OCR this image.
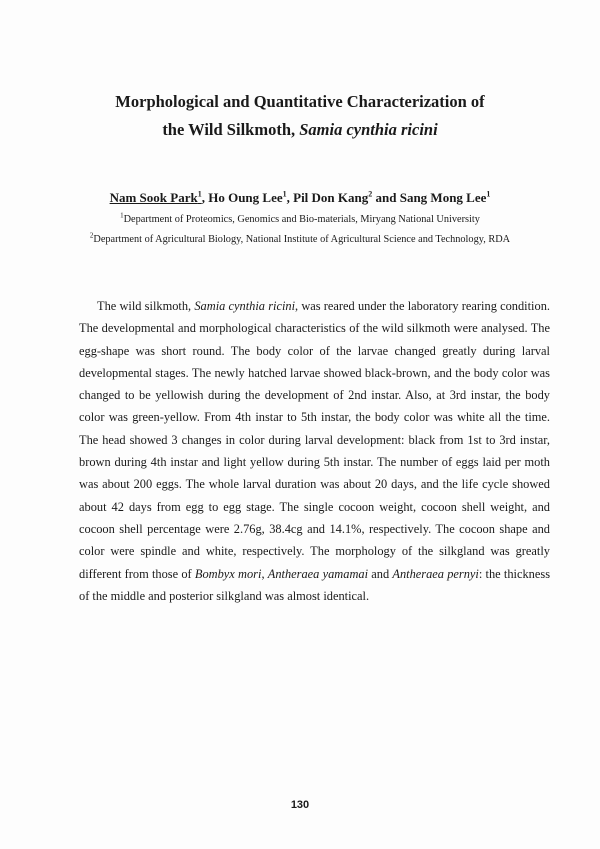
Morphological and Quantitative Characterization of
the Wild Silkmoth, Samia cynthia ricini
Nam Sook Park$^1$, Ho Oung Lee$^1$, Pil Don Kang$^2$ and Sang Mong Lee$^1$
$^1$Department of Proteomics, Genomics and Bio-materials, Miryang National University
$^2$Department of Agricultural Biology, National Institute of Agricultural Science and Technology, RDA

The wild silkmoth, Samia cynthia ricini, was reared under the laboratory rearing condition. The developmental and morphological characteristics of the wild silkmoth were analysed. The egg-shape was short round. The body color of the larvae changed greatly during larval developmental stages. The newly hatched larvae showed black-brown, and the body color was changed to be yellowish during the development of 2nd instar. Also, at 3rd instar, the body color was green-yellow. From 4th instar to 5th instar, the body color was white all the time. The head showed 3 changes in color during larval development: black from 1st to 3rd instar, brown during 4th instar and light yellow during 5th instar. The number of eggs laid per moth was about 200 eggs. The whole larval duration was about 20 days, and the life cycle showed about 42 days from egg to egg stage. The single cocoon weight, cocoon shell weight, and cocoon shell percentage were 2.76g, 38.4cg and 14.1%, respectively. The cocoon shape and color were spindle and white, respectively. The morphology of the silkgland was greatly different from those of Bombyx mori, Antheraea yamamai and Antheraea pernyi: the thickness of the middle and posterior silkgland was almost identical.

130
